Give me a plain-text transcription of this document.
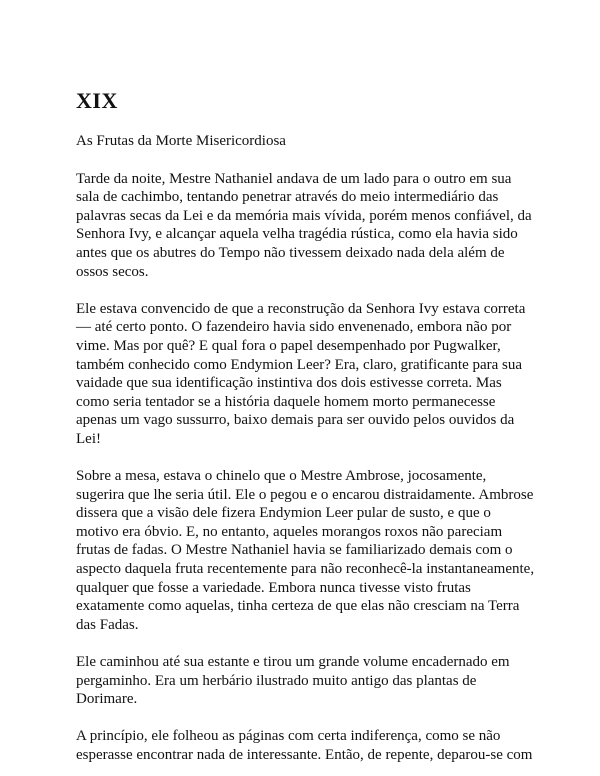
XIX
As Frutas da Morte Misericordiosa

Tarde da noite, Mestre Nathaniel andava de um lado para o outro em sua sala de cachimbo, tentando penetrar através do meio intermediário das palavras secas da Lei e da memória mais vívida, porém menos confiável, da Senhora Ivy, e alcançar aquela velha tragédia rústica, como ela havia sido antes que os abutres do Tempo não tivessem deixado nada dela além de ossos secos.

Ele estava convencido de que a reconstrução da Senhora Ivy estava correta — até certo ponto. O fazendeiro havia sido envenenado, embora não por vime. Mas por quê? E qual fora o papel desempenhado por Pugwalker, também conhecido como Endymion Leer? Era, claro, gratificante para sua vaidade que sua identificação instintiva dos dois estivesse correta. Mas como seria tentador se a história daquele homem morto permanecesse apenas um vago sussurro, baixo demais para ser ouvido pelos ouvidos da Lei!

Sobre a mesa, estava o chinelo que o Mestre Ambrose, jocosamente, sugerira que lhe seria útil. Ele o pegou e o encarou distraidamente. Ambrose dissera que a visão dele fizera Endymion Leer pular de susto, e que o motivo era óbvio. E, no entanto, aqueles morangos roxos não pareciam frutas de fadas. O Mestre Nathaniel havia se familiarizado demais com o aspecto daquela fruta recentemente para não reconhecê-la instantaneamente, qualquer que fosse a variedade. Embora nunca tivesse visto frutas exatamente como aquelas, tinha certeza de que elas não cresciam na Terra das Fadas.

Ele caminhou até sua estante e tirou um grande volume encadernado em pergaminho. Era um herbário ilustrado muito antigo das plantas de Dorimare.

A princípio, ele folheou as páginas com certa indiferença, como se não esperasse encontrar nada de interessante. Então, de repente, deparou-se com
